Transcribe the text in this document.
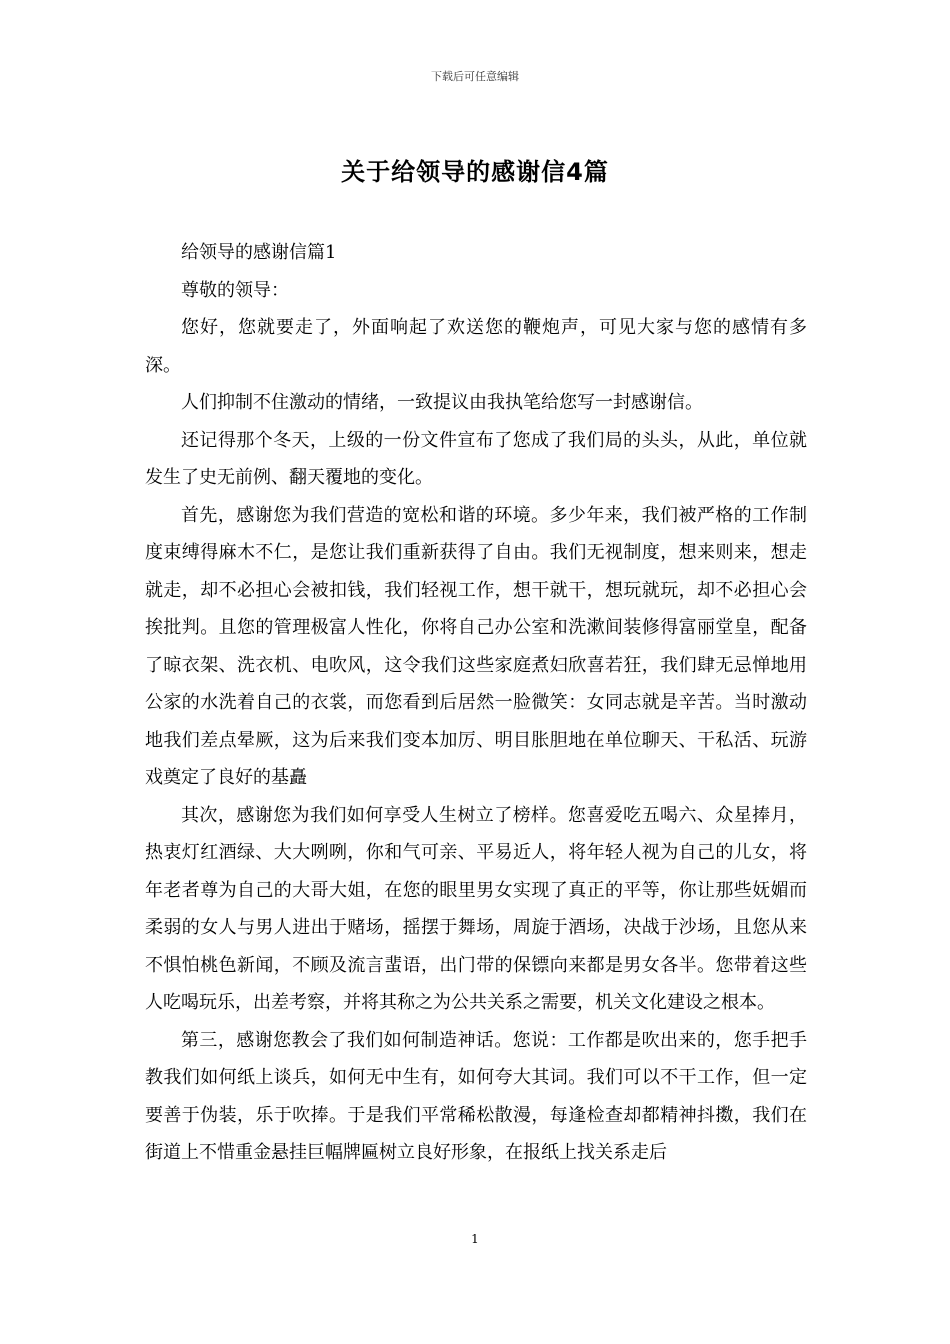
下载后可任意编辑
关于给领导的感谢信4篇

给领导的感谢信篇1

尊敬的领导：

您好，您就要走了，外面响起了欢送您的鞭炮声，可见大家与您的感情有多深。

人们抑制不住激动的情绪，一致提议由我执笔给您写一封感谢信。

还记得那个冬天，上级的一份文件宣布了您成了我们局的头头，从此，单位就发生了史无前例、翻天覆地的变化。

首先，感谢您为我们营造的宽松和谐的环境。多少年来，我们被严格的工作制度束缚得麻木不仁，是您让我们重新获得了自由。我们无视制度，想来则来，想走就走，却不必担心会被扣钱，我们轻视工作，想干就干，想玩就玩，却不必担心会挨批判。且您的管理极富人性化，你将自己办公室和洗漱间装修得富丽堂皇，配备了晾衣架、洗衣机、电吹风，这令我们这些家庭煮妇欣喜若狂，我们肆无忌惮地用公家的水洗着自己的衣裳，而您看到后居然一脸微笑：女同志就是辛苦。当时激动地我们差点晕厥，这为后来我们变本加厉、明目胀胆地在单位聊天、干私活、玩游戏奠定了良好的基矗

其次，感谢您为我们如何享受人生树立了榜样。您喜爱吃五喝六、众星捧月，热衷灯红酒绿、大大咧咧，你和气可亲、平易近人，将年轻人视为自己的儿女，将年老者尊为自己的大哥大姐，在您的眼里男女实现了真正的平等，你让那些妩媚而柔弱的女人与男人进出于赌场，摇摆于舞场，周旋于酒场，决战于沙场，且您从来不惧怕桃色新闻，不顾及流言蜚语，出门带的保镖向来都是男女各半。您带着这些人吃喝玩乐，出差考察，并将其称之为公共关系之需要，机关文化建设之根本。

第三，感谢您教会了我们如何制造神话。您说：工作都是吹出来的，您手把手教我们如何纸上谈兵，如何无中生有，如何夸大其词。我们可以不干工作，但一定要善于伪装，乐于吹捧。于是我们平常稀松散漫，每逢检查却都精神抖擞，我们在街道上不惜重金悬挂巨幅牌匾树立良好形象，在报纸上找关系走后

1
